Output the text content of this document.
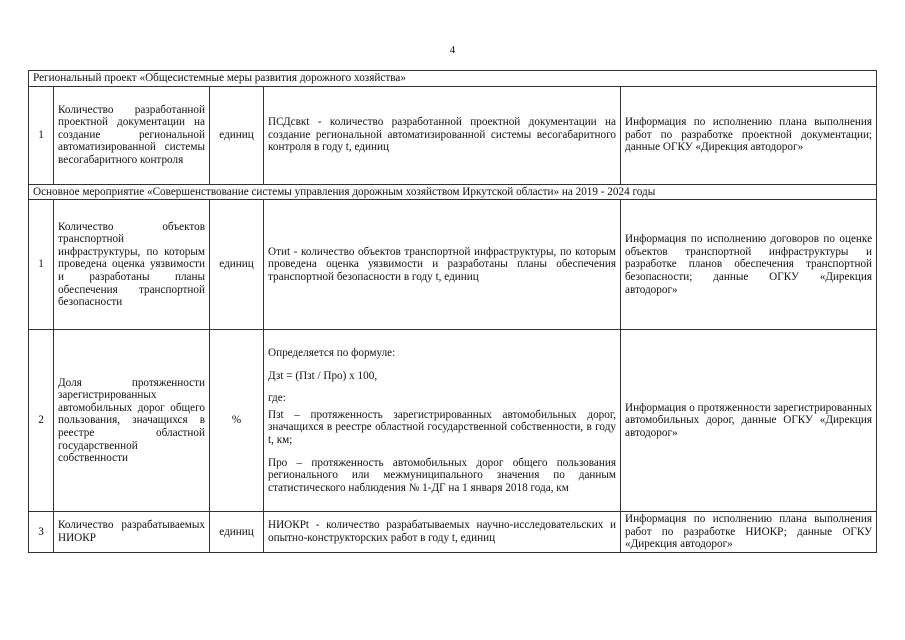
4
Региональный проект «Общесистемные меры развития дорожного хозяйства»				
1	Количество разработанной проектной документации на создание региональной автоматизированной системы весогабаритного контроля	единиц	ПСДсвкt - количество разработанной проектной документации на создание региональной автоматизированной системы весогабаритного контроля в году t, единиц	Информация по исполнению плана выполнения работ по разработке проектной документации; данные ОГКУ «Дирекция автодорог»
Основное мероприятие «Совершенствование системы управления дорожным хозяйством Иркутской области» на 2019 - 2024 годы				
1	Количество объектов транспортной инфраструктуры, по которым проведена оценка уязвимости и разработаны планы обеспечения транспортной безопасности	единиц	Отиt - количество объектов транспортной инфраструктуры, по которым проведена оценка уязвимости и разработаны планы обеспечения транспортной безопасности в году t, единиц	Информация по исполнению договоров по оценке объектов транспортной инфраструктуры и разработке планов обеспечения транспортной безопасности; данные ОГКУ «Дирекция автодорог»
2	Доля протяженности зарегистрированных автомобильных дорог общего пользования, значащихся в реестре областной государственной собственности	%	Определяется по формуле:
Дзt = (Пзt / Про) х 100,
где:
Пзt – протяженность зарегистрированных автомобильных дорог, значащихся в реестре областной государственной собственности, в году t, км;
Про – протяженность автомобильных дорог общего пользования регионального или межмуниципального значения по данным статистического наблюдения № 1-ДГ на 1 января 2018 года, км	Информация о протяженности зарегистрированных автомобильных дорог, данные ОГКУ «Дирекция автодорог»
3	Количество разрабатываемых НИОКР	единиц	НИОКРt - количество разрабатываемых научно-исследовательских и опытно-конструкторских работ в году t, единиц	Информация по исполнению плана выполнения работ по разработке НИОКР; данные ОГКУ «Дирекция автодорог»
